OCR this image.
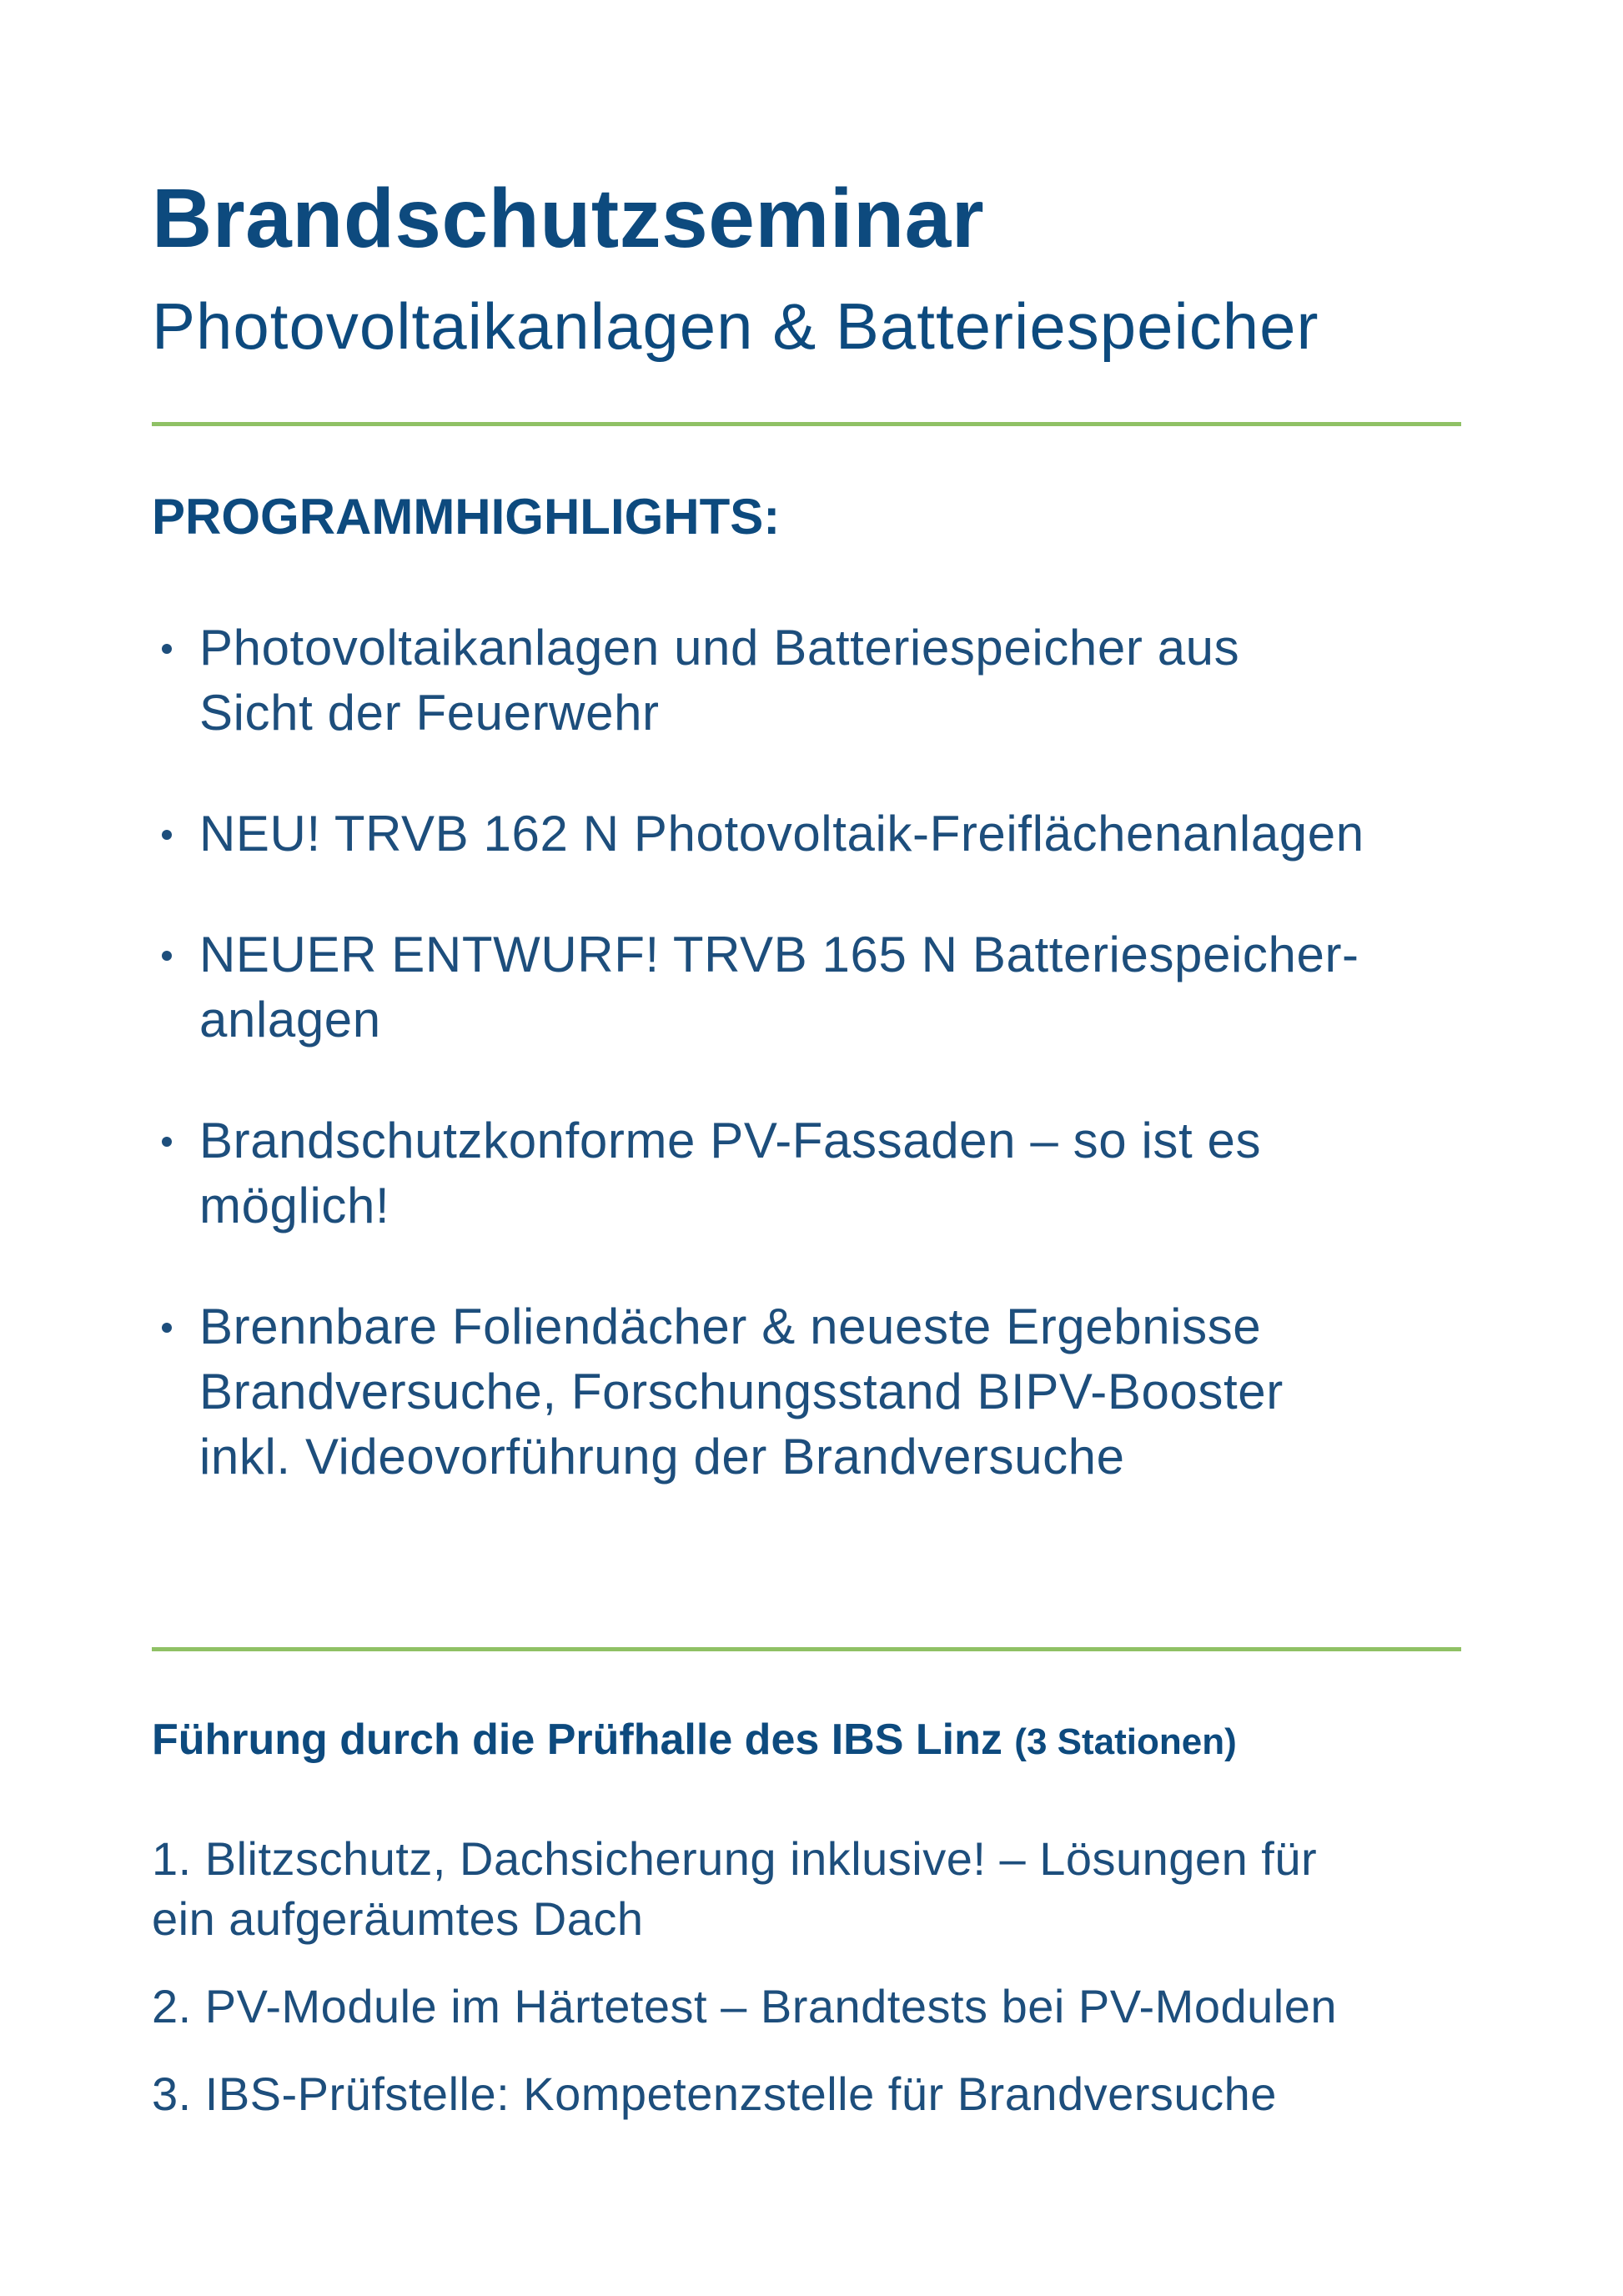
Brandschutzseminar
Photovoltaikanlagen & Batteriespeicher
PROGRAMMHIGHLIGHTS:
Photovoltaikanlagen und Batteriespeicher aus
Sicht der Feuerwehr
NEU! TRVB 162 N Photovoltaik-Freiflächenanlagen
NEUER ENTWURF! TRVB 165 N Batteriespeicher-
anlagen
Brandschutzkonforme PV-Fassaden – so ist es
möglich!
Brennbare Foliendächer & neueste Ergebnisse
Brandversuche, Forschungsstand BIPV-Booster
inkl. Videovorführung der Brandversuche
Führung durch die Prüfhalle des IBS Linz (3 Stationen)
1. Blitzschutz, Dachsicherung inklusive! – Lösungen für
ein aufgeräumtes Dach
2. PV-Module im Härtetest – Brandtests bei PV-Modulen
3. IBS-Prüfstelle: Kompetenzstelle für Brandversuche
